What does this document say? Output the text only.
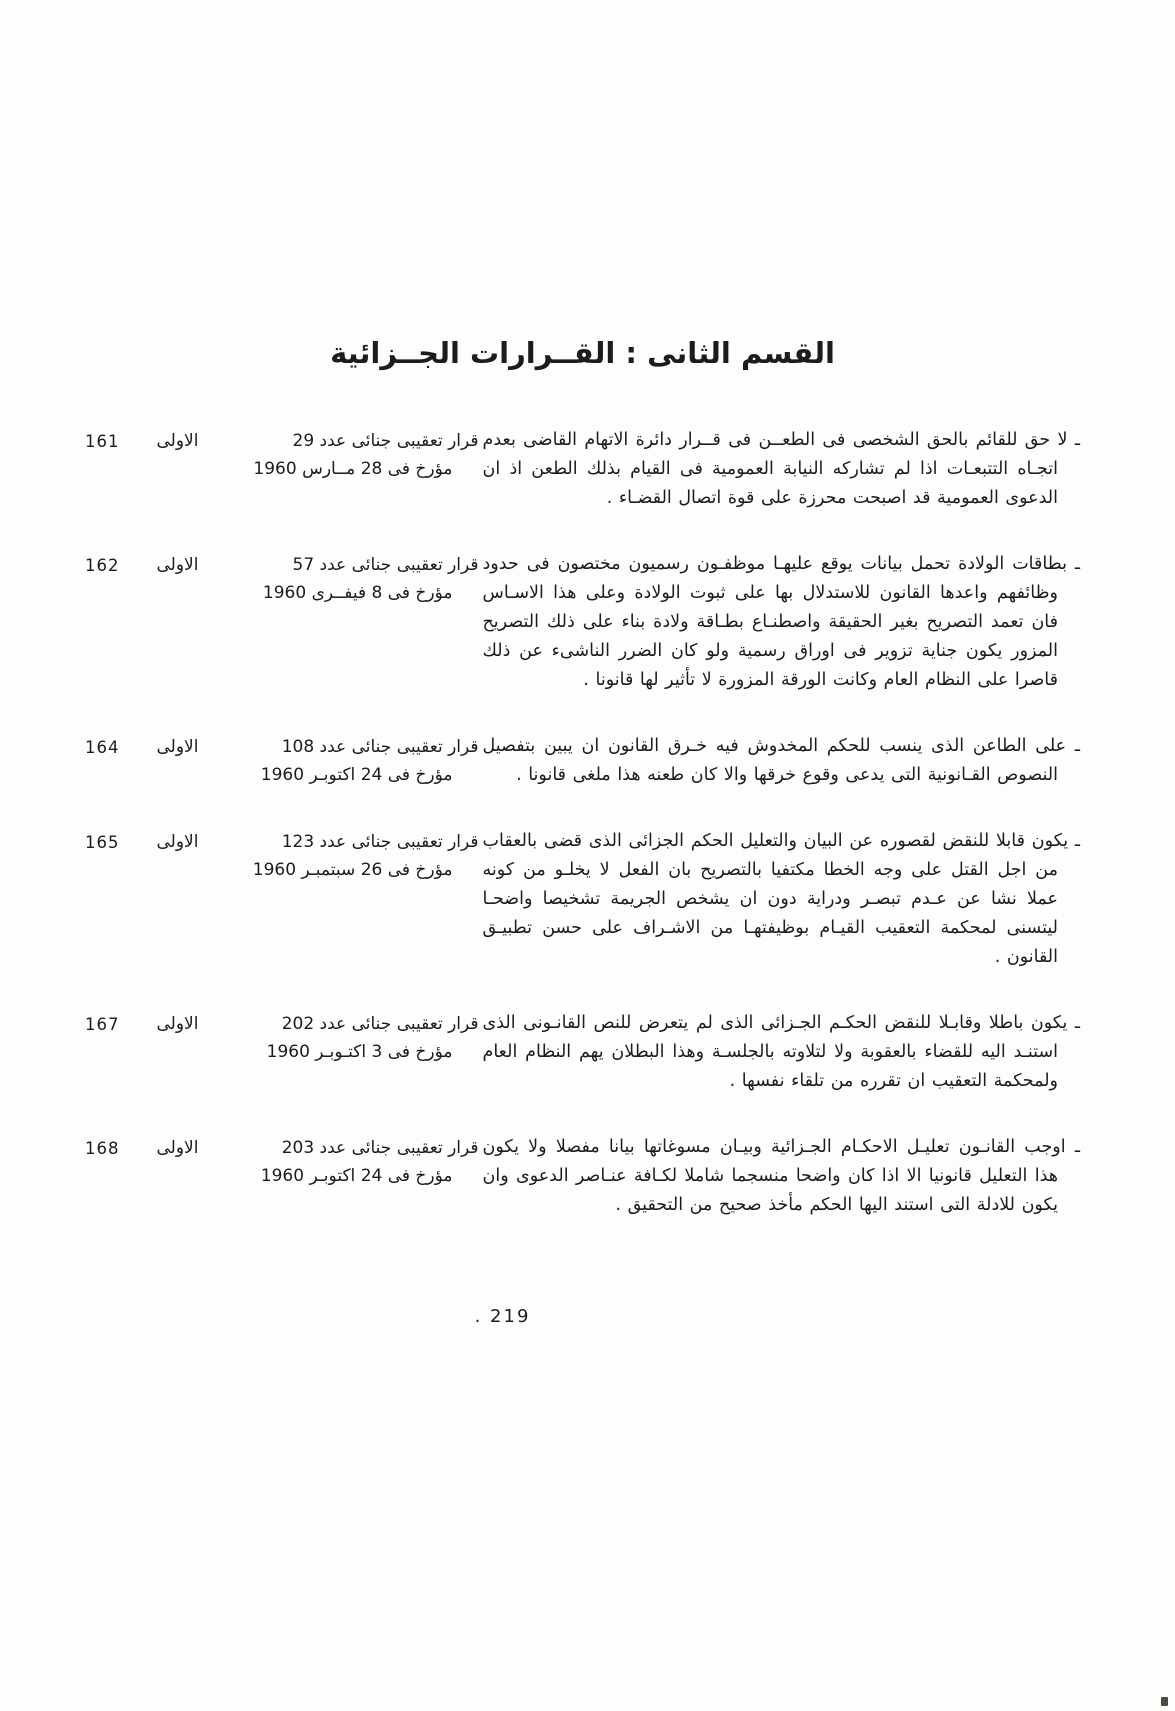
القسم الثانى : القــرارات الجــزائية

ـ لا حق للقائم بالحق الشخصى فى الطعــن فى قــرار دائرة الاتهام القاضى بعدم اتجـاه التتبعـات اذا لم تشاركه النيابة العمومية فى القيام بذلك الطعن اذ ان الدعوى العمومية قد اصبحت محرزة على قوة اتصال القضـاء .

قرار تعقيبى جنائى عدد 29
مؤرخ فى 28 مــارس 1960
الاولى
161

ـ بطاقات الولادة تحمل بيانات يوقع عليهـا موظفـون رسميون مختصون فى حدود وظائفهم واعدها القانون للاستدلال بها على ثبوت الولادة وعلى هذا الاسـاس فان تعمد التصريح بغير الحقيقة واصطنـاع بطـاقة ولادة بناء على ذلك التصريح المزور يكون جناية تزوير فى اوراق رسمية ولو كان الضرر الناشىء عن ذلك قاصرا على النظام العام وكانت الورقة المزورة لا تأثير لها قانونا .

قرار تعقيبى جنائى عدد 57
مؤرخ فى 8 فيفــرى 1960
الاولى
162

ـ على الطاعن الذى ينسب للحكم المخدوش فيه خـرق القانون ان يبين بتفصيل النصوص القـانونية التى يدعى وقوع خرقها والا كان طعنه هذا ملغى قانونا .

قرار تعقيبى جنائى عدد 108
مؤرخ فى 24 اكتوبـر 1960
الاولى
164

ـ يكون قابلا للنقض لقصوره عن البيان والتعليل الحكم الجزائى الذى قضى بالعقاب من اجل القتل على وجه الخطا مكتفيا بالتصريح بان الفعل لا يخلـو من كونه عملا نشا عن عـدم تبصـر ودراية دون ان يشخص الجريمة تشخيصا واضحـا ليتسنى لمحكمة التعقيب القيـام بوظيفتهـا من الاشـراف على حسن تطبيـق القانون .

قرار تعقيبى جنائى عدد 123
مؤرخ فى 26 سبتمبـر 1960
الاولى
165

ـ يكون باطلا وقابـلا للنقض الحكـم الجـزائى الذى لم يتعرض للنص القانـونى الذى استنـد اليه للقضاء بالعقوبة ولا لتلاوته بالجلسـة وهذا البطلان يهم النظام العام ولمحكمة التعقيب ان تقرره من تلقاء نفسها .

قرار تعقيبى جنائى عدد 202
مؤرخ فى 3 اكتـوبـر 1960
الاولى
167

ـ اوجب القانـون تعليـل الاحكـام الجـزائية وبيـان مسوغاتها بيانا مفصلا ولا يكون هذا التعليل قانونيا الا اذا كان واضحا منسجما شاملا لكـافة عنـاصر الدعوى وان يكون للادلة التى استند اليها الحكم مأخذ صحيح من التحقيق .

قرار تعقيبى جنائى عدد 203
مؤرخ فى 24 اكتوبـر 1960
الاولى
168
. 219
